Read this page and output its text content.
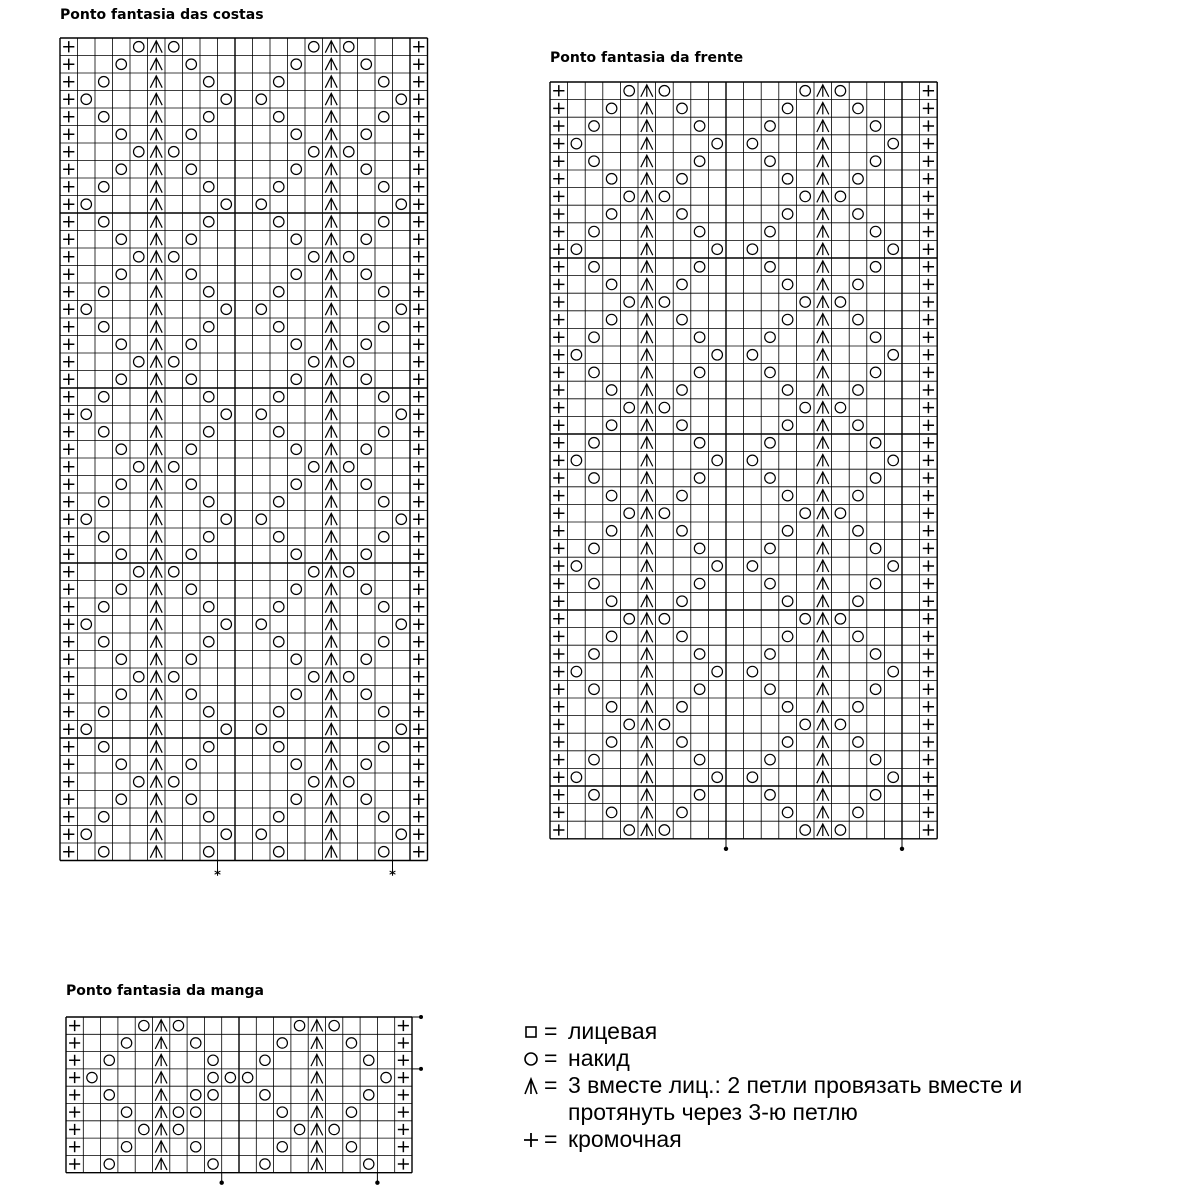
Ponto fantasia das costas
*	*
Ponto fantasia da frente
Ponto fantasia da manga
= лицевая
= накид
= 3 вместе лиц.: 2 петли провязать вместе и
протянуть через 3-ю петлю
= кромочная
